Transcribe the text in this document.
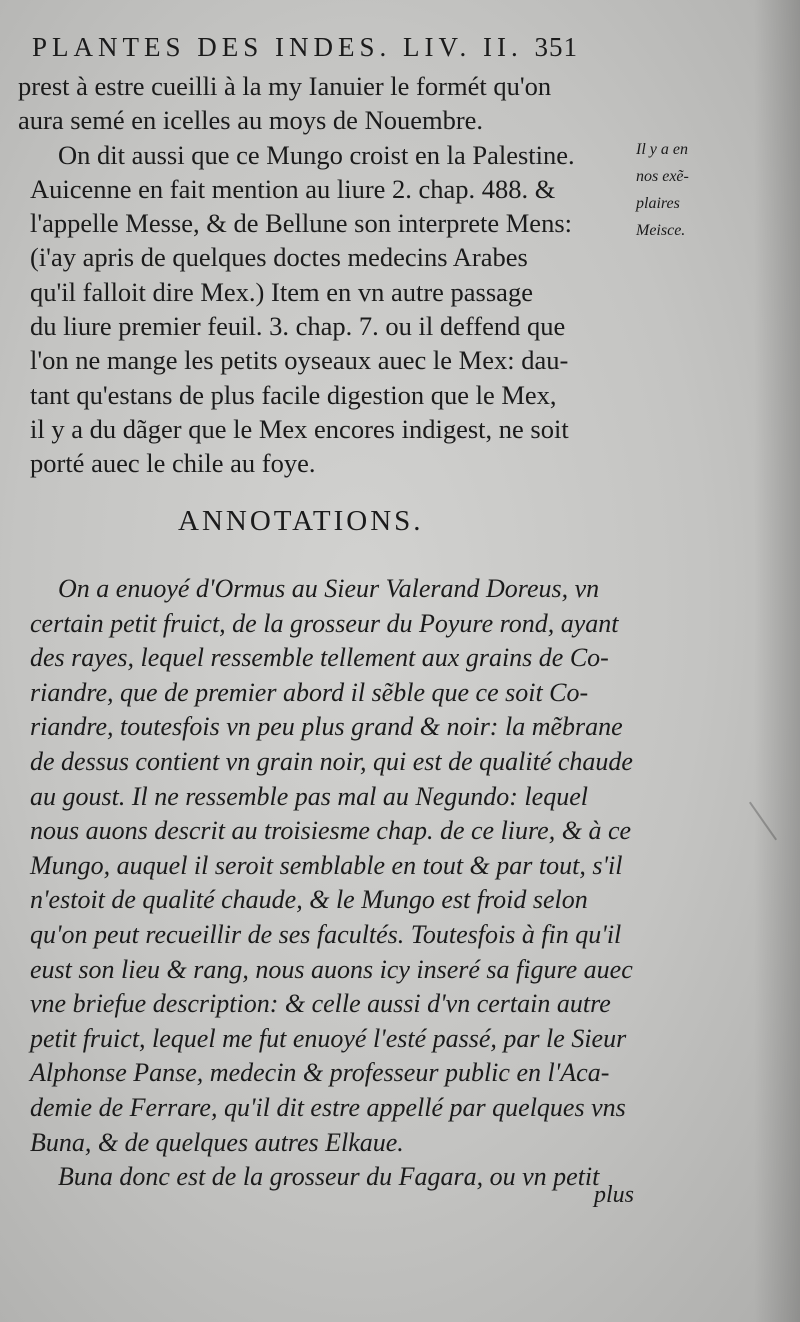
PLANTES DES INDES. LIV. II. 351
prest à estre cueilli à la my Ianuier le formét qu'on
aura semé en icelles au moys de Nouembre.
On dit aussi que ce Mungo croist en la Palestine.
Auicenne en fait mention au liure 2. chap. 488. &
l'appelle Messe, & de Bellune son interprete Mens:
(i'ay apris de quelques doctes medecins Arabes
qu'il falloit dire Mex.) Item en vn autre passage
du liure premier feuil. 3. chap. 7. ou il deffend que
l'on ne mange les petits oyseaux auec le Mex: dau-
tant qu'estans de plus facile digestion que le Mex,
il y a du dãger que le Mex encores indigest, ne soit
porté auec le chile au foye.
Il y a en
nos exẽ-
plaires
Meisce.
ANNOTATIONS.
On a enuoyé d'Ormus au Sieur Valerand Doreus, vn
certain petit fruict, de la grosseur du Poyure rond, ayant
des rayes, lequel ressemble tellement aux grains de Co-
riandre, que de premier abord il sẽble que ce soit Co-
riandre, toutesfois vn peu plus grand & noir: la mẽbrane
de dessus contient vn grain noir, qui est de qualité chaude
au goust. Il ne ressemble pas mal au Negundo: lequel
nous auons descrit au troisiesme chap. de ce liure, & à ce
Mungo, auquel il seroit semblable en tout & par tout, s'il
n'estoit de qualité chaude, & le Mungo est froid selon
qu'on peut recueillir de ses facultés. Toutesfois à fin qu'il
eust son lieu & rang, nous auons icy inseré sa figure auec
vne briefue description: & celle aussi d'vn certain autre
petit fruict, lequel me fut enuoyé l'esté passé, par le Sieur
Alphonse Panse, medecin & professeur public en l'Aca-
demie de Ferrare, qu'il dit estre appellé par quelques vns
Buna, & de quelques autres Elkaue.
Buna donc est de la grosseur du Fagara, ou vn petit
plus
